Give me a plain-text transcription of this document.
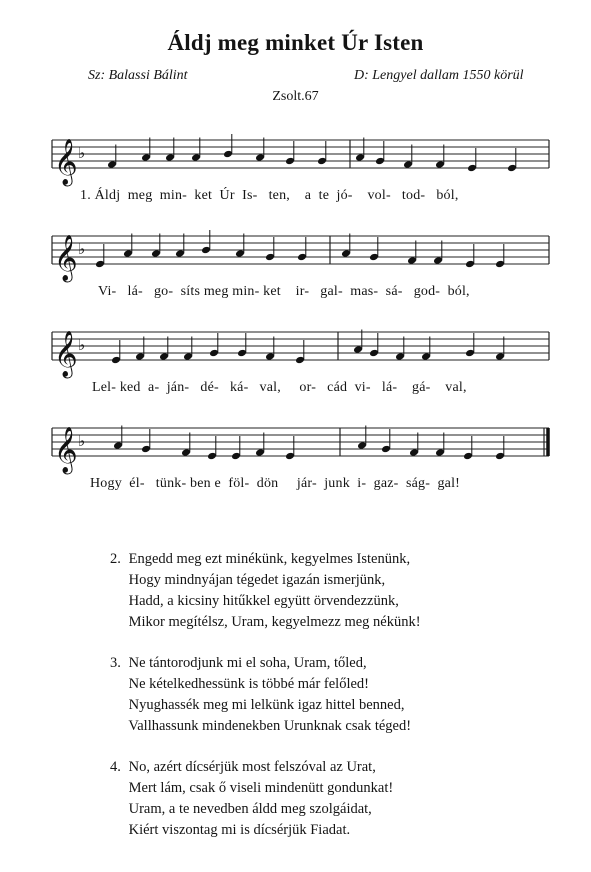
Áldj meg minket Úr Isten
Sz: Balassi Bálint	D: Lengyel dallam 1550 körül
Zsolt.67
𝄞 ♭
1. Áldj  meg  min-  ket  Úr  Is-   ten,    a  te  jó-    vol-   tod-   ból,
𝄞 ♭
Vi-   lá-   go-  síts meg min- ket    ir-   gal-  mas-  sá-   god-  ból,
𝄞 ♭
Lel- ked  a-  ján-   dé-   ká-   val,     or-   cád  vi-   lá-    gá-    val,
𝄞 ♭
Hogy  él-   tünk- ben e  föl-  dön     jár-  junk  i-  gaz-  ság-  gal!
2. Engedd meg ezt minékünk, kegyelmes Istenünk,
Hogy mindnyájan tégedet igazán ismerjünk,
Hadd, a kicsiny hitűkkel együtt örvendezzünk,
Mikor megítélsz, Uram, kegyelmezz meg nékünk!
3. Ne tántorodjunk mi el soha, Uram, tőled,
Ne kételkedhessünk is többé már felőled!
Nyughassék meg mi lelkünk igaz hittel benned,
Vallhassunk mindenekben Urunknak csak téged!
4. No, azért dícsérjük most felszóval az Urat,
Mert lám, csak ő viseli mindenütt gondunkat!
Uram, a te nevedben áldd meg szolgáidat,
Kiért viszontag mi is dícsérjük Fiadat.
